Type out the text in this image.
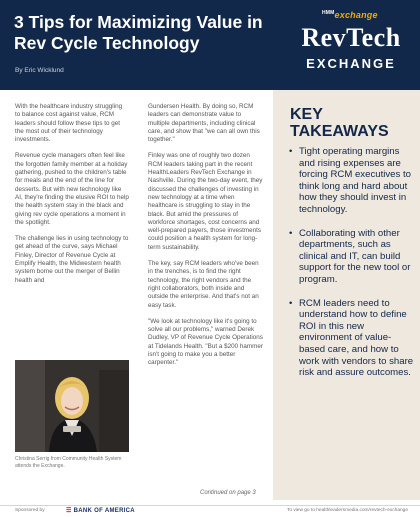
3 Tips for Maximizing Value in Rev Cycle Technology
By Eric Wicklund
$^{HMM}$exchange
RevTech
EXCHANGE

With the healthcare industry struggling to balance cost against value, RCM leaders should follow these tips to get the most out of their technology investments.

Revenue cycle managers often feel like the forgotten family member at a holiday gathering, pushed to the children's table for meals and the end of the line for desserts. But with new technology like AI, they're finding the elusive ROI to help the health system stay in the black and giving rev cycle operations a moment in the spotlight.

The challenge lies in using technology to get ahead of the curve, says Michael Finley, Director of Revenue Cycle at Emplify Health, the Midwestern health system borne out the merger of Bellin health and

Christina Serrig from Community Health System attends the Exchange.

Gundersen Health. By doing so, RCM leaders can demonstrate value to multiple departments, including clinical care, and show that "we can all own this together."

Finley was one of roughly two dozen RCM leaders taking part in the recent HealthLeaders RevTech Exchange in Nashville. During the two-day event, they discussed the challenges of investing in new technology at a time when healthcare is struggling to stay in the black. But amid the pressures of workforce shortages, cost concerns and well-prepared payers, those investments could position a health system for long-term sustainability.

The key, say RCM leaders who've been in the trenches, is to find the right technology, the right vendors and the right collaborators, both inside and outside the enterprise. And that's not an easy task.

"We look at technology like it's going to solve all our problems," warned Derek Dudley, VP of Revenue Cycle Operations at Tidelands Health. "But a $200 hammer isn't going to make you a better carpenter."

Continued on page 3
KEY
TAKEAWAYS
• Tight operating margins and rising expenses are forcing RCM executives to think long and hard about how they should invest in technology.
• Collaborating with other departments, such as clinical and IT, can build support for the new tool or program.
• RCM leaders need to understand how to define ROI in this new environment of value-based care, and how to work with vendors to share risk and assure outcomes.
Sponsored by	☰ BANK OF AMERICA	To view go to healthleadersmedia.com/revtech-exchange
